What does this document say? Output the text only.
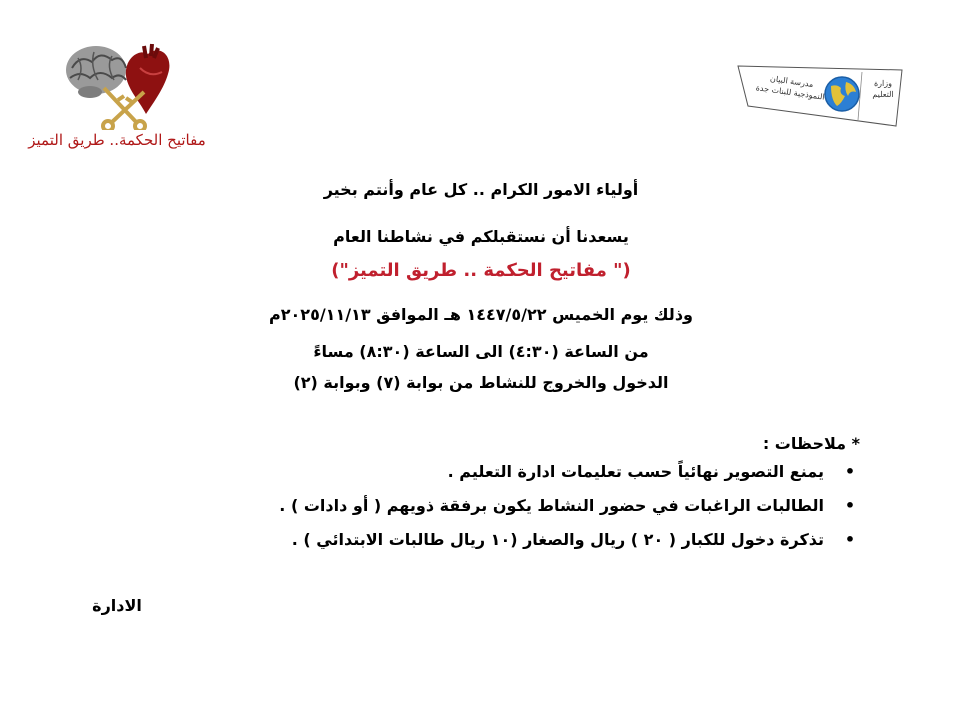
مفاتيح الحكمة.. طريق التميز
مدرسة البيان النموذجية للبنات جدة	وزارة التعليم
أولياء الامور الكرام .. كل عام وأنتم بخير
يسعدنا أن نستقبلكم في نشاطنا العام
(" مفاتيح الحكمة .. طريق التميز")
وذلك يوم الخميس ١٤٤٧/٥/٢٢ هـ الموافق ٢٠٢٥/١١/١٣م
من الساعة (٤:٣٠) الى الساعة (٨:٣٠) مساءً
الدخول والخروج للنشاط من بوابة (٧) وبوابة (٢)
* ملاحظات :
•
يمنع التصوير نهائياً حسب تعليمات ادارة التعليم .
•
الطالبات الراغبات في حضور النشاط يكون برفقة ذويهم ( أو دادات ) .
•
تذكرة دخول للكبار ( ٢٠ ) ريال والصغار (١٠ ريال طالبات الابتدائي ) .
الادارة
